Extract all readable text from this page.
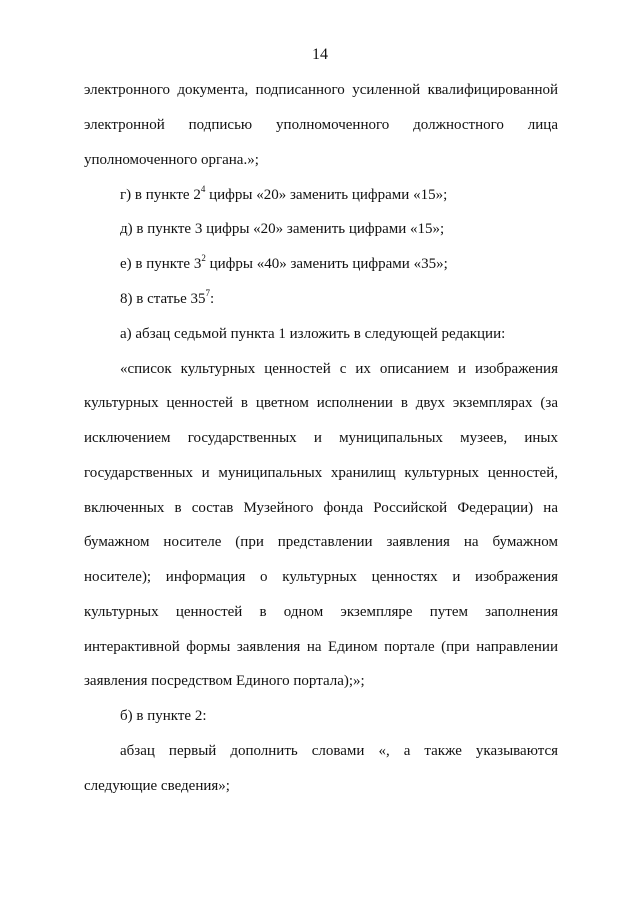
14
электронного документа, подписанного усиленной квалифицированной
электронной подписью уполномоченного должностного лица
уполномоченного органа.»;
г) в пункте $2^4$ цифры «20» заменить цифрами «15»;
д) в пункте 3 цифры «20» заменить цифрами «15»;
е) в пункте $3^2$ цифры «40» заменить цифрами «35»;
8) в статье $35^7$:
а) абзац седьмой пункта 1 изложить в следующей редакции:
«список культурных ценностей с их описанием и изображения
культурных ценностей в цветном исполнении в двух экземплярах (за
исключением государственных и муниципальных музеев, иных
государственных и муниципальных хранилищ культурных ценностей,
включенных в состав Музейного фонда Российской Федерации) на
бумажном носителе (при представлении заявления на бумажном
носителе); информация о культурных ценностях и изображения
культурных ценностей в одном экземпляре путем заполнения
интерактивной формы заявления на Едином портале (при направлении
заявления посредством Единого портала);»;
б) в пункте 2:
абзац первый дополнить словами «, а также указываются
следующие сведения»;
